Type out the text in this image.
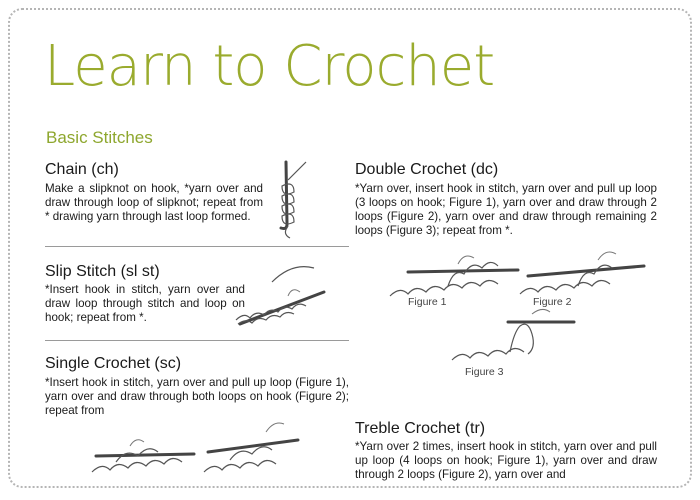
Learn to Crochet
Basic Stitches
Chain (ch)

Make a slipknot on hook, *yarn over and draw through loop of slipknot; repeat from * drawing yarn through last loop formed.

Slip Stitch (sl st)

*Insert hook in stitch, yarn over and draw loop through stitch and loop on hook; repeat from *.

Single Crochet (sc)

*Insert hook in stitch, yarn over and pull up loop (Figure 1), yarn over and draw through both loops on hook (Figure 2); repeat from

Double Crochet (dc)

*Yarn over, insert hook in stitch, yarn over and pull up loop (3 loops on hook; Figure 1), yarn over and draw through 2 loops (Figure 2), yarn over and draw through remaining 2 loops (Figure 3); repeat from *.

Figure 1	Figure 2

Figure 3

Treble Crochet (tr)

*Yarn over 2 times, insert hook in stitch, yarn over and pull up loop (4 loops on hook; Figure 1), yarn over and draw through 2 loops (Figure 2), yarn over and
